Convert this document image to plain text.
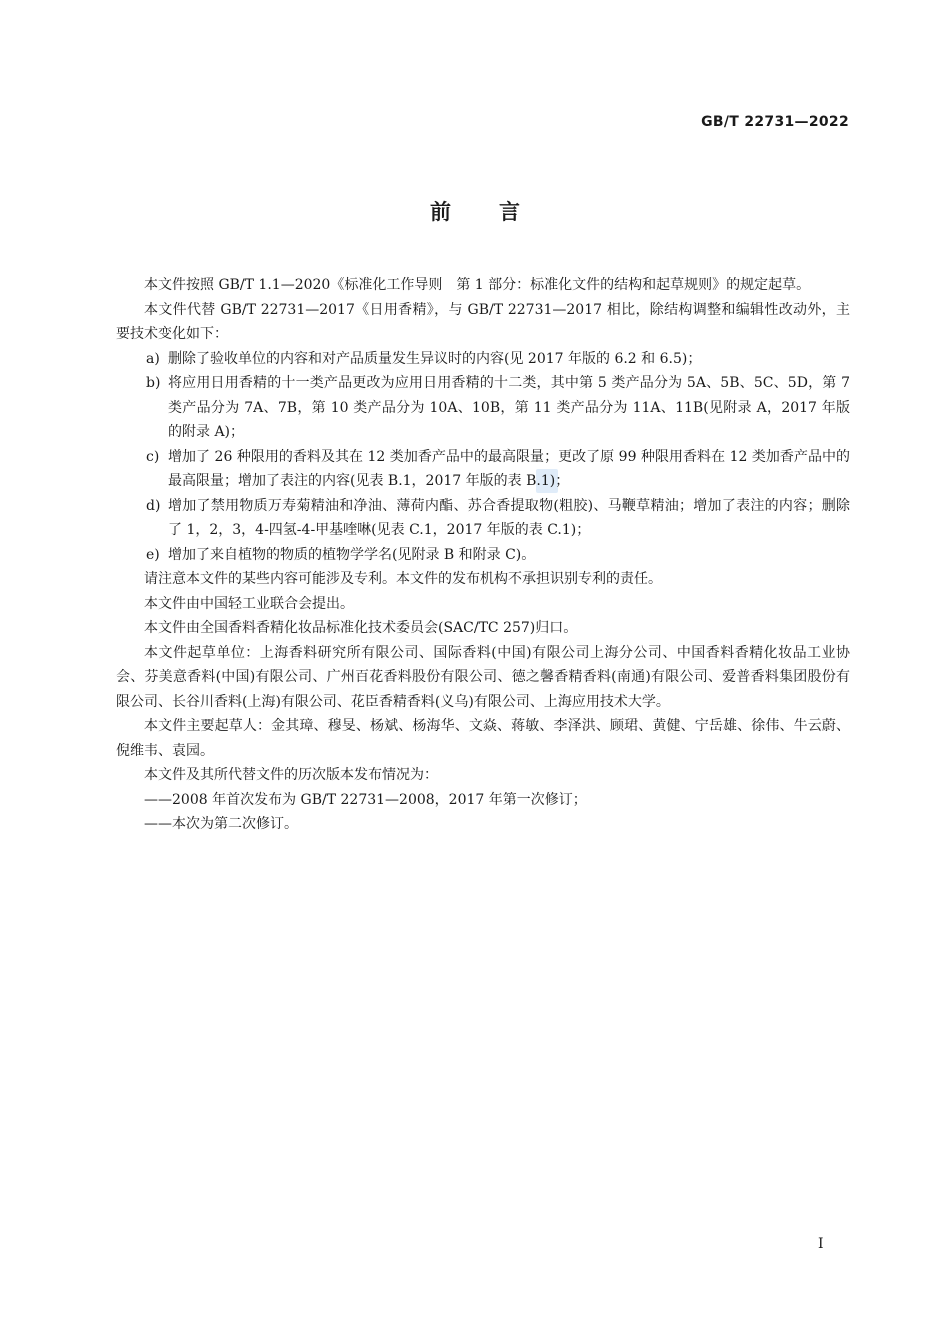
GB/T 22731—2022
前言

本文件按照 GB/T 1.1—2020《标准化工作导则　第 1 部分：标准化文件的结构和起草规则》的规定起草。

本文件代替 GB/T 22731—2017《日用香精》，与 GB/T 22731—2017 相比，除结构调整和编辑性改动外，主要技术变化如下：

a) 删除了验收单位的内容和对产品质量发生异议时的内容(见 2017 年版的 6.2 和 6.5)；

b) 将应用日用香精的十一类产品更改为应用日用香精的十二类，其中第 5 类产品分为 5A、5B、5C、5D，第 7 类产品分为 7A、7B，第 10 类产品分为 10A、10B，第 11 类产品分为 11A、11B(见附录 A，2017 年版的附录 A)；

c) 增加了 26 种限用的香料及其在 12 类加香产品中的最高限量；更改了原 99 种限用香料在 12 类加香产品中的最高限量；增加了表注的内容(见表 B.1，2017 年版的表 B.1)；

d) 增加了禁用物质万寿菊精油和净油、薄荷内酯、苏合香提取物(粗胶)、马鞭草精油；增加了表注的内容；删除了 1，2，3，4-四氢-4-甲基喹啉(见表 C.1，2017 年版的表 C.1)；

e) 增加了来自植物的物质的植物学学名(见附录 B 和附录 C)。

请注意本文件的某些内容可能涉及专利。本文件的发布机构不承担识别专利的责任。

本文件由中国轻工业联合会提出。

本文件由全国香料香精化妆品标准化技术委员会(SAC/TC 257)归口。

本文件起草单位：上海香料研究所有限公司、国际香料(中国)有限公司上海分公司、中国香料香精化妆品工业协会、芬美意香料(中国)有限公司、广州百花香料股份有限公司、德之馨香精香料(南通)有限公司、爱普香料集团股份有限公司、长谷川香料(上海)有限公司、花臣香精香料(义乌)有限公司、上海应用技术大学。

本文件主要起草人：金其璋、穆旻、杨斌、杨海华、文焱、蒋敏、李泽洪、顾珺、黄健、宁岳雄、徐伟、牛云蔚、倪维韦、袁园。

本文件及其所代替文件的历次版本发布情况为：

——2008 年首次发布为 GB/T 22731—2008，2017 年第一次修订；

——本次为第二次修订。

I
